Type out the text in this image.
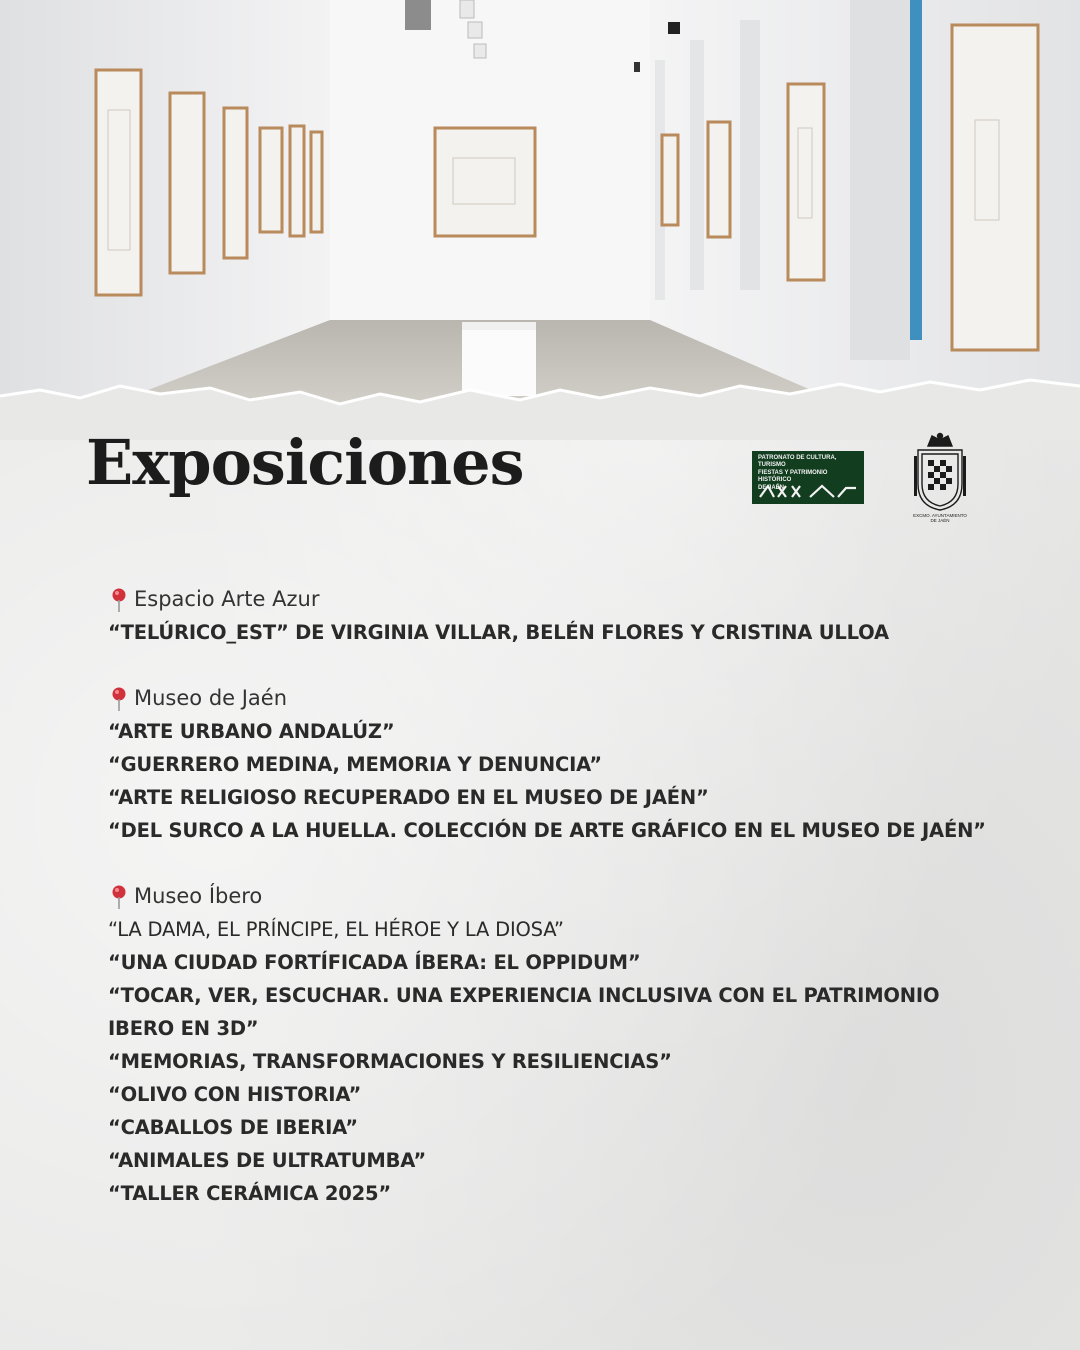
Exposiciones	PATRONATO DE CULTURA, TURISMO
FIESTAS Y PATRIMONIO HISTÓRICO
DE JAÉN
EXCMO. AYUNTAMIENTO DE JAÉN
Espacio Arte Azur
“TELÚRICO_EST” DE VIRGINIA VILLAR, BELÉN FLORES Y CRISTINA ULLOA
Museo de Jaén
“ARTE URBANO ANDALÚZ”
“GUERRERO MEDINA, MEMORIA Y DENUNCIA”
“ARTE RELIGIOSO RECUPERADO EN EL MUSEO DE JAÉN”
“DEL SURCO A LA HUELLA. COLECCIÓN DE ARTE GRÁFICO EN EL MUSEO DE JAÉN”
Museo Íbero
“LA DAMA, EL PRÍNCIPE, EL HÉROE Y LA DIOSA”
“UNA CIUDAD FORTÍFICADA ÍBERA: EL OPPIDUM”
“TOCAR, VER, ESCUCHAR. UNA EXPERIENCIA INCLUSIVA CON EL PATRIMONIO IBERO EN 3D”
“MEMORIAS, TRANSFORMACIONES Y RESILIENCIAS”
“OLIVO CON HISTORIA”
“CABALLOS DE IBERIA”
“ANIMALES DE ULTRATUMBA”
“TALLER CERÁMICA 2025”
